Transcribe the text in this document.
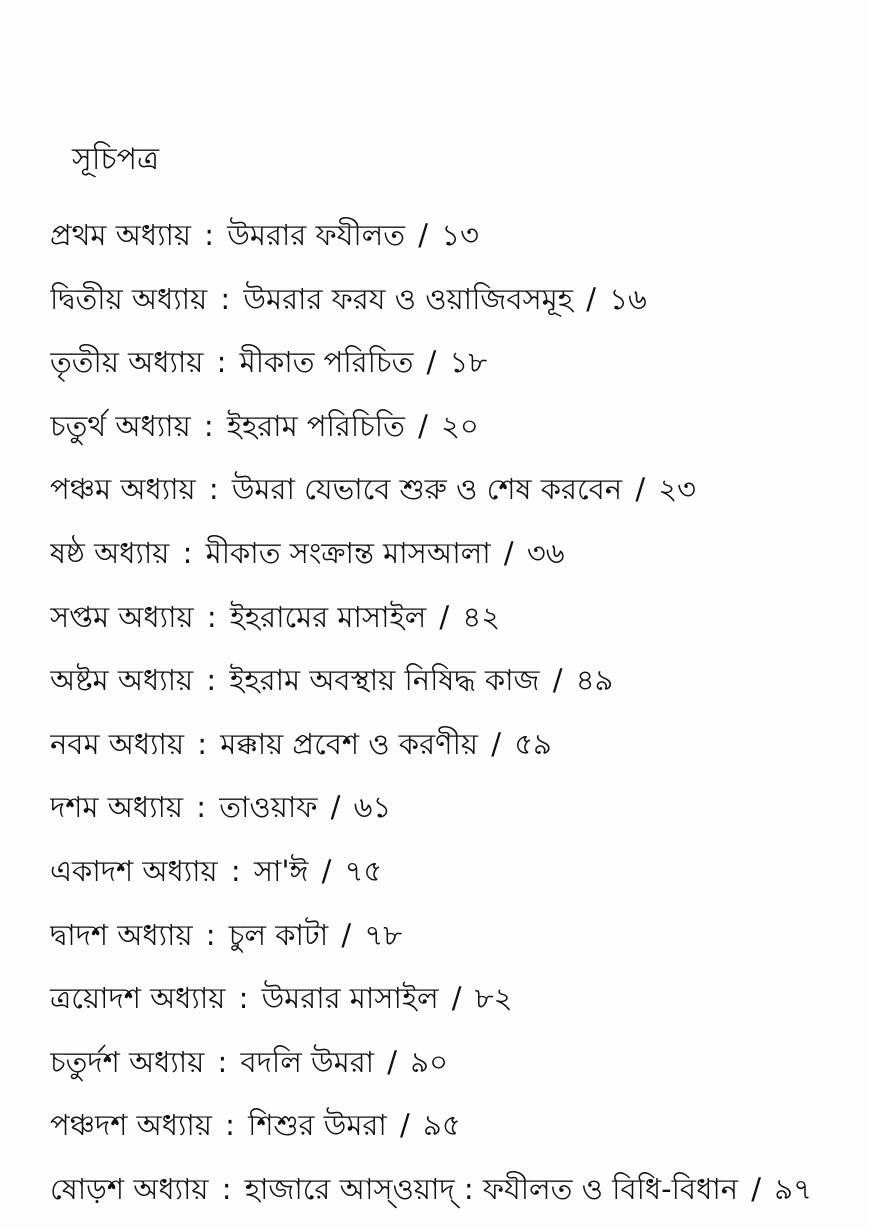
সূচিপত্র
প্রথম অধ্যায় : উমরার ফযীলত / ১৩
দ্বিতীয় অধ্যায় : উমরার ফরয ও ওয়াজিবসমূহ / ১৬
তৃতীয় অধ্যায় : মীকাত পরিচিত / ১৮
চতুর্থ অধ্যায় : ইহরাম পরিচিতি / ২০
পঞ্চম অধ্যায় : উমরা যেভাবে শুরু ও শেষ করবেন / ২৩
ষষ্ঠ অধ্যায় : মীকাত সংক্রান্ত মাসআলা / ৩৬
সপ্তম অধ্যায় : ইহরামের মাসাইল / ৪২
অষ্টম অধ্যায় : ইহরাম অবস্থায় নিষিদ্ধ কাজ / ৪৯
নবম অধ্যায় : মক্কায় প্রবেশ ও করণীয় / ৫৯
দশম অধ্যায় : তাওয়াফ / ৬১
একাদশ অধ্যায় : সা'ঈ / ৭৫
দ্বাদশ অধ্যায় : চুল কাটা / ৭৮
ত্রয়োদশ অধ্যায় : উমরার মাসাইল / ৮২
চতুর্দশ অধ্যায় : বদলি উমরা / ৯০
পঞ্চদশ অধ্যায় : শিশুর উমরা / ৯৫
ষোড়শ অধ্যায় : হাজারে আস্‌ওয়াদ্‌ : ফযীলত ও বিধি-বিধান / ৯৭
